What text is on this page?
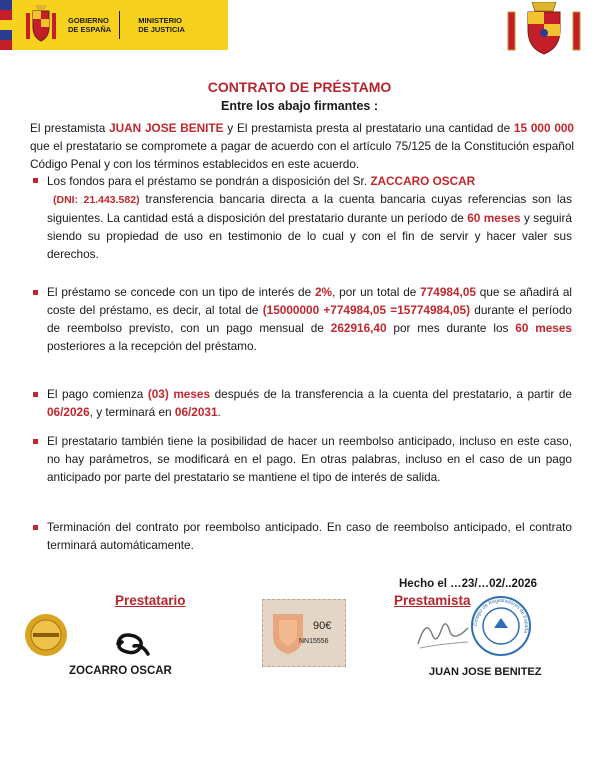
GOBIERNO
DE ESPAÑA
MINISTERIO
DE JUSTICIA
CONTRATO DE PRÉSTAMO
Entre los abajo firmantes :
El prestamista JUAN JOSE BENITE y El prestamista presta al prestatario una cantidad de 15 000 000 que el prestatario se compromete a pagar de acuerdo con el artículo 75/125 de la Constitución español Código Penal y con los términos establecidos en este acuerdo.
Los fondos para el préstamo se pondrán a disposición del Sr. ZACCARO OSCAR
(DNI: 21.443.582) transferencia bancaria directa a la cuenta bancaria cuyas referencias son las siguientes. La cantidad está a disposición del prestatario durante un período de 60 meses y seguirá siendo su propiedad de uso en testimonio de lo cual y con el fin de servir y hacer valer sus derechos.
El préstamo se concede con un tipo de interés de 2%, por un total de 774984,05 que se añadirá al coste del préstamo, es decir, al total de (15000000 +774984,05 =15774984,05) durante el período de reembolso previsto, con un pago mensual de 262916,40 por mes durante los 60 meses posteriores a la recepción del préstamo.
El pago comienza (03) meses después de la transferencia a la cuenta del prestatario, a partir de 06/2026, y terminará en 06/2031.
El prestatario también tiene la posibilidad de hacer un reembolso anticipado, incluso en este caso, no hay parámetros, se modificará en el pago. En otras palabras, incluso en el caso de un pago anticipado por parte del prestatario se mantiene el tipo de interés de salida.
Terminación del contrato por reembolso anticipado. En caso de reembolso anticipado, el contrato terminará automáticamente.
Hecho el …23/…02/..2026
Prestatario	Prestamista
90€
NN15556
Colegio de Registradores de España
ZOCARRO OSCAR	JUAN JOSE BENITEZ
